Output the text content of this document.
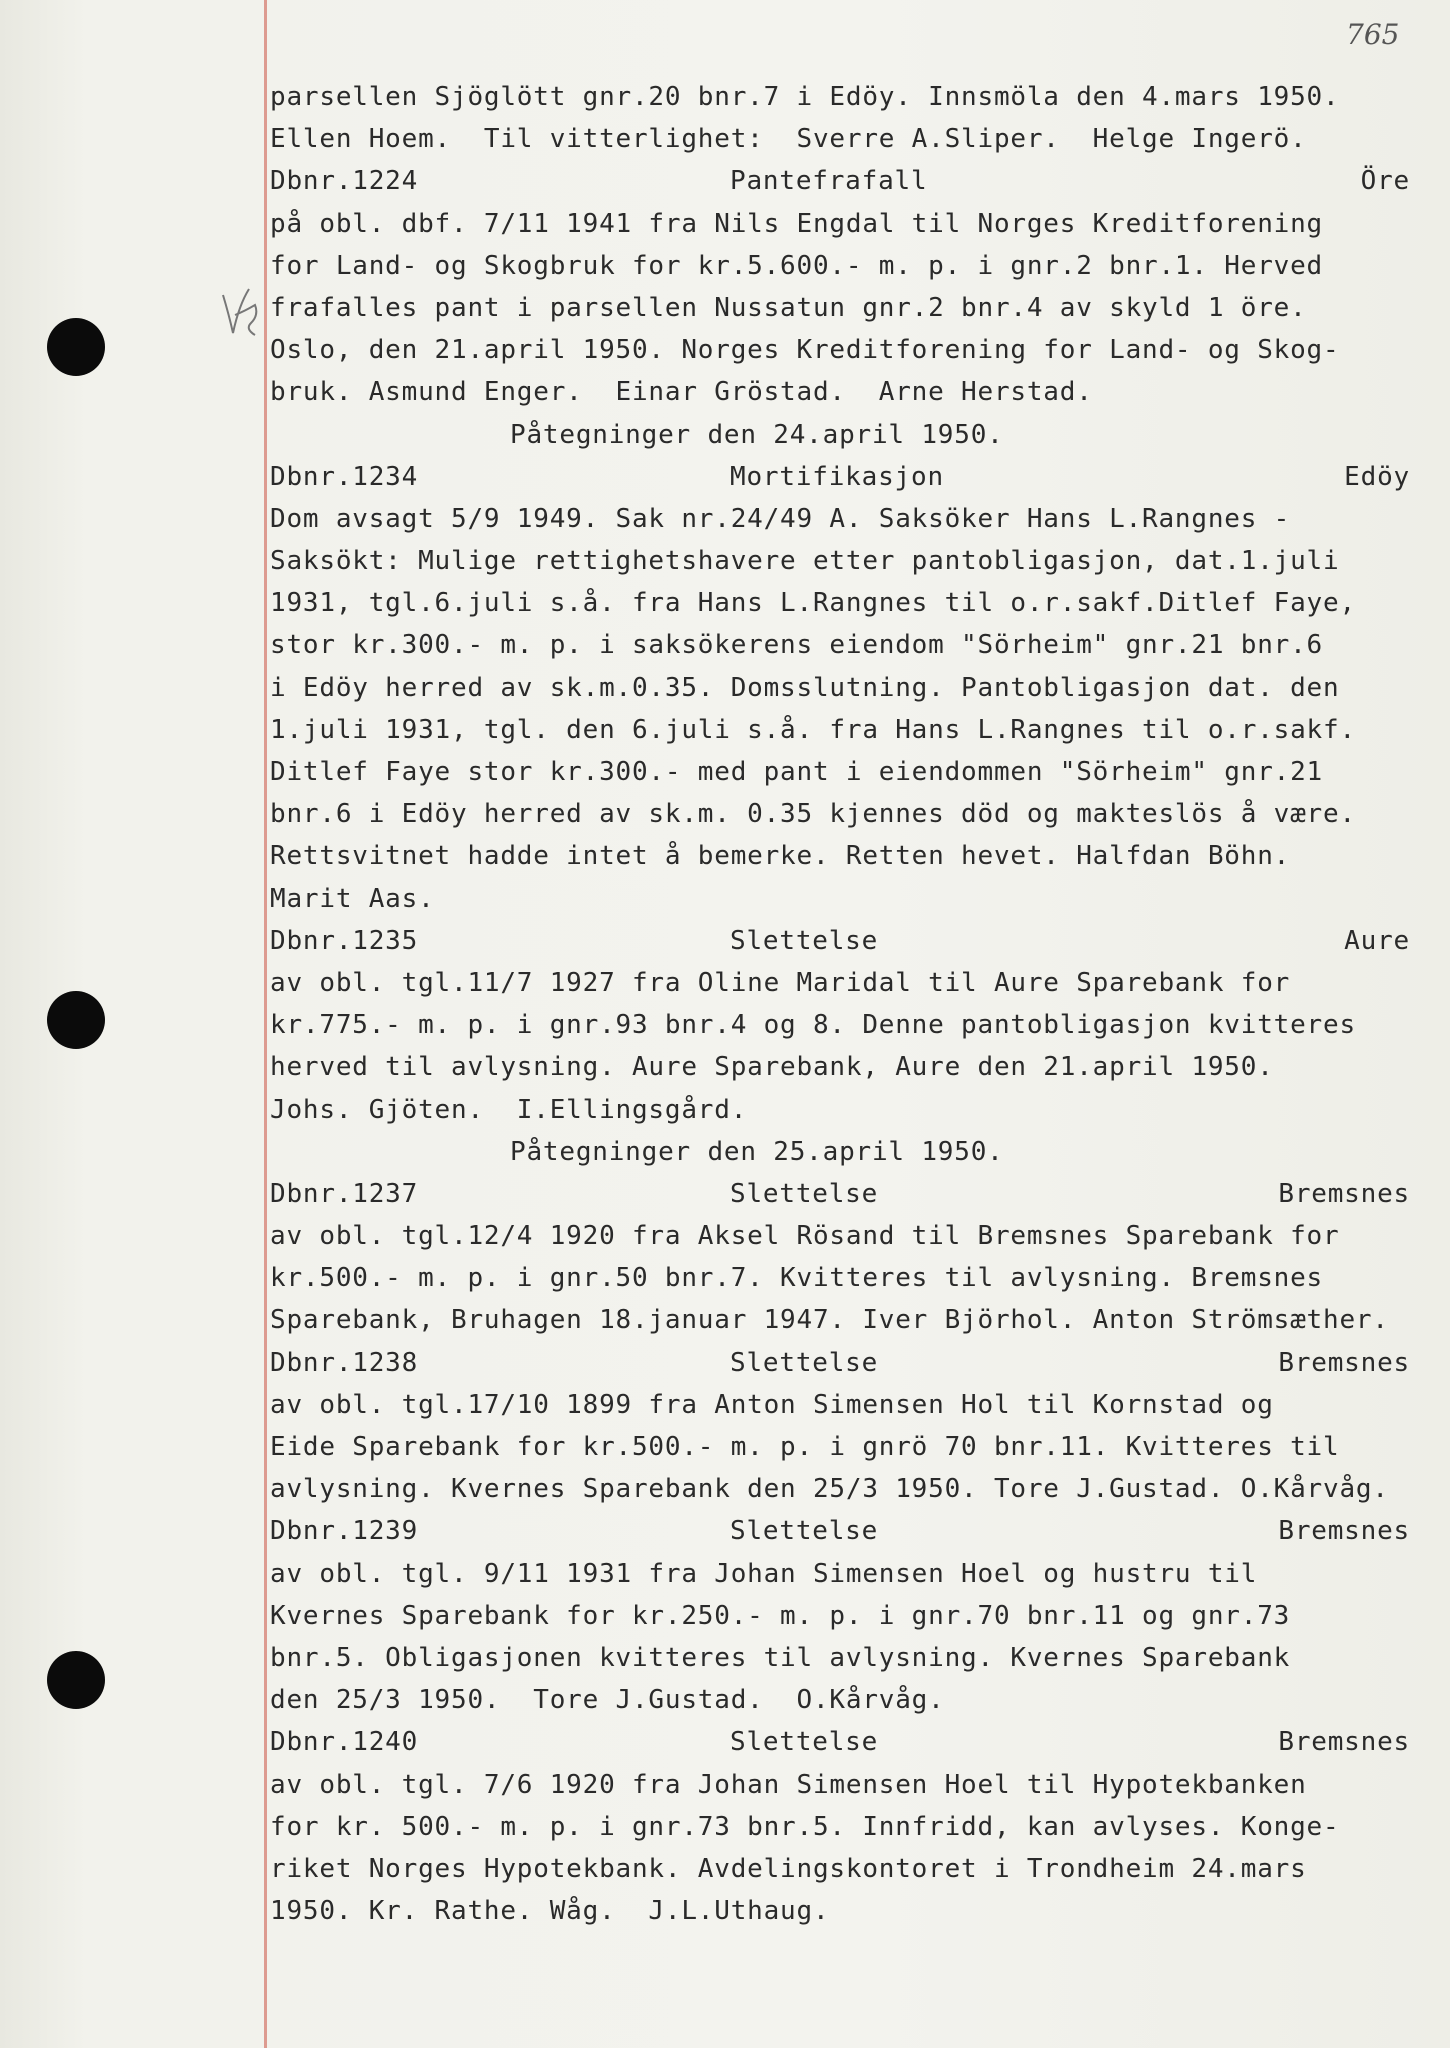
765
parsellen Sjöglött gnr.20 bnr.7 i Edöy. Innsmöla den 4.mars 1950.
Ellen Hoem.  Til vitterlighet:  Sverre A.Sliper.  Helge Ingerö.
Dbnr.1224	Pantefrafall	Öre
på obl. dbf. 7/11 1941 fra Nils Engdal til Norges Kreditforening
for Land- og Skogbruk for kr.5.600.- m. p. i gnr.2 bnr.1. Herved
frafalles pant i parsellen Nussatun gnr.2 bnr.4 av skyld 1 öre.
Oslo, den 21.april 1950. Norges Kreditforening for Land- og Skog-
bruk. Asmund Enger.  Einar Gröstad.  Arne Herstad.
Påtegninger den 24.april 1950.
Dbnr.1234	Mortifikasjon	Edöy
Dom avsagt 5/9 1949. Sak nr.24/49 A. Saksöker Hans L.Rangnes -
Saksökt: Mulige rettighetshavere etter pantobligasjon, dat.1.juli
1931, tgl.6.juli s.å. fra Hans L.Rangnes til o.r.sakf.Ditlef Faye,
stor kr.300.- m. p. i saksökerens eiendom "Sörheim" gnr.21 bnr.6
i Edöy herred av sk.m.0.35. Domsslutning. Pantobligasjon dat. den
1.juli 1931, tgl. den 6.juli s.å. fra Hans L.Rangnes til o.r.sakf.
Ditlef Faye stor kr.300.- med pant i eiendommen "Sörheim" gnr.21
bnr.6 i Edöy herred av sk.m. 0.35 kjennes död og makteslös å være.
Rettsvitnet hadde intet å bemerke. Retten hevet. Halfdan Böhn.
Marit Aas.
Dbnr.1235	Slettelse	Aure
av obl. tgl.11/7 1927 fra Oline Maridal til Aure Sparebank for
kr.775.- m. p. i gnr.93 bnr.4 og 8. Denne pantobligasjon kvitteres
herved til avlysning. Aure Sparebank, Aure den 21.april 1950.
Johs. Gjöten.  I.Ellingsgård.
Påtegninger den 25.april 1950.
Dbnr.1237	Slettelse	Bremsnes
av obl. tgl.12/4 1920 fra Aksel Rösand til Bremsnes Sparebank for
kr.500.- m. p. i gnr.50 bnr.7. Kvitteres til avlysning. Bremsnes
Sparebank, Bruhagen 18.januar 1947. Iver Björhol. Anton Strömsæther.
Dbnr.1238	Slettelse	Bremsnes
av obl. tgl.17/10 1899 fra Anton Simensen Hol til Kornstad og
Eide Sparebank for kr.500.- m. p. i gnrö 70 bnr.11. Kvitteres til
avlysning. Kvernes Sparebank den 25/3 1950. Tore J.Gustad. O.Kårvåg.
Dbnr.1239	Slettelse	Bremsnes
av obl. tgl. 9/11 1931 fra Johan Simensen Hoel og hustru til
Kvernes Sparebank for kr.250.- m. p. i gnr.70 bnr.11 og gnr.73
bnr.5. Obligasjonen kvitteres til avlysning. Kvernes Sparebank
den 25/3 1950.  Tore J.Gustad.  O.Kårvåg.
Dbnr.1240	Slettelse	Bremsnes
av obl. tgl. 7/6 1920 fra Johan Simensen Hoel til Hypotekbanken
for kr. 500.- m. p. i gnr.73 bnr.5. Innfridd, kan avlyses. Konge-
riket Norges Hypotekbank. Avdelingskontoret i Trondheim 24.mars
1950. Kr. Rathe. Wåg.  J.L.Uthaug.
